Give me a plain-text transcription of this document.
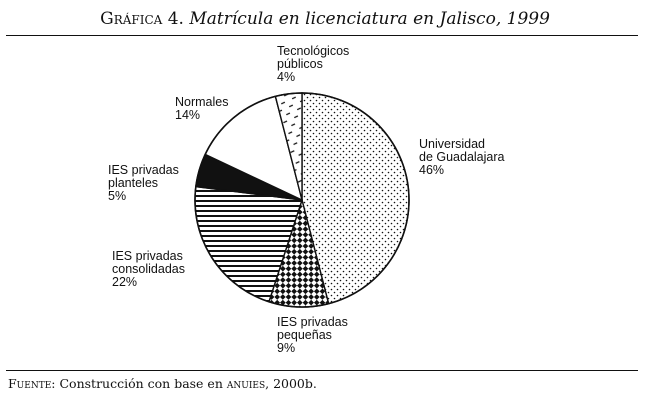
Gráfica 4. Matrícula en licenciatura en Jalisco, 1999
Universidad de Guadalajara 46%
IES privadas pequeñas 9%
IES privadas consolidadas 22%
IES privadas planteles 5%
Normales 14%
Tecnológicos públicos 4%
Fuente: Construcción con base en anuies, 2000b.
